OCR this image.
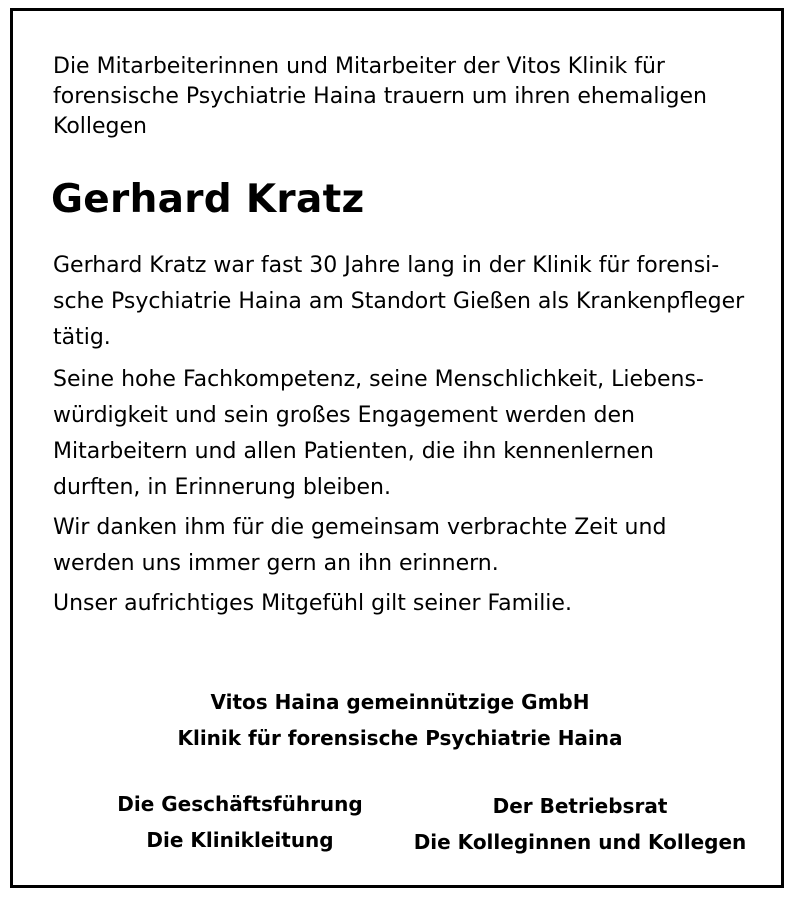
Die Mitarbeiterinnen und Mitarbeiter der Vitos Klinik für
forensische Psychiatrie Haina trauern um ihren ehemaligen
Kollegen
Gerhard Kratz
Gerhard Kratz war fast 30 Jahre lang in der Klinik für forensi-
sche Psychiatrie Haina am Standort Gießen als Krankenpfleger
tätig.
Seine hohe Fachkompetenz, seine Menschlichkeit, Liebens-
würdigkeit und sein großes Engagement werden den
Mitarbeitern und allen Patienten, die ihn kennenlernen
durften, in Erinnerung bleiben.
Wir danken ihm für die gemeinsam verbrachte Zeit und
werden uns immer gern an ihn erinnern.
Unser aufrichtiges Mitgefühl gilt seiner Familie.
Vitos Haina gemeinnützige GmbH
Klinik für forensische Psychiatrie Haina
Die Geschäftsführung
Die Klinikleitung
Der Betriebsrat
Die Kolleginnen und Kollegen
